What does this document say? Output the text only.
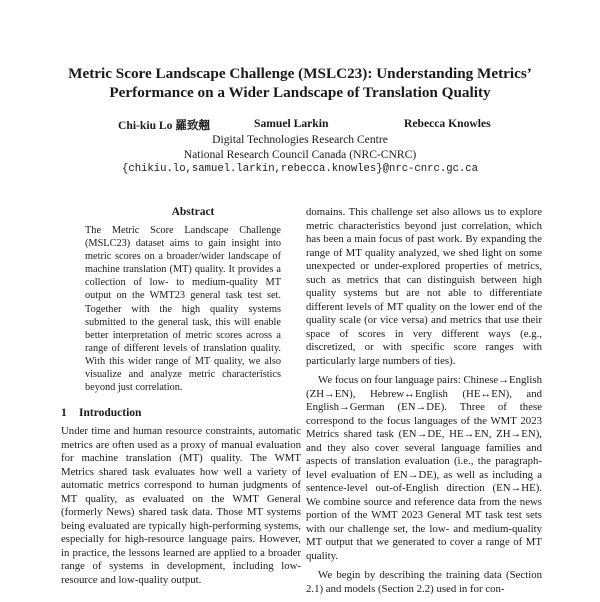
Metric Score Landscape Challenge (MSLC23): Understanding Metrics’
Performance on a Wider Landscape of Translation Quality
Chi-kiu Lo 羅致翹	Samuel Larkin	Rebecca Knowles
Digital Technologies Research Centre
National Research Council Canada (NRC-CNRC)
{chikiu.lo,samuel.larkin,rebecca.knowles}@nrc-cnrc.gc.ca
Abstract
The Metric Score Landscape Challenge (MSLC23) dataset aims to gain insight into metric scores on a broader/wider landscape of machine translation (MT) quality. It provides a collection of low- to medium-quality MT output on the WMT23 general task test set. Together with the high quality systems submitted to the general task, this will enable better interpretation of metric scores across a range of different levels of translation quality. With this wider range of MT quality, we also visualize and analyze metric characteristics beyond just correlation.
1 Introduction
Under time and human resource constraints, automatic metrics are often used as a proxy of manual evaluation for machine translation (MT) quality. The WMT Metrics shared task evaluates how well a variety of automatic metrics correspond to human judgments of MT quality, as evaluated on the WMT General (formerly News) shared task data. Those MT systems being evaluated are typically high-performing systems, especially for high-resource language pairs. However, in practice, the lessons learned are applied to a broader range of systems in development, including low-resource and low-quality output.

domains. This challenge set also allows us to explore metric characteristics beyond just correlation, which has been a main focus of past work. By expanding the range of MT quality analyzed, we shed light on some unexpected or under-explored properties of metrics, such as metrics that can distinguish between high quality systems but are not able to differentiate different levels of MT quality on the lower end of the quality scale (or vice versa) and metrics that use their space of scores in very different ways (e.g., discretized, or with specific score ranges with particularly large numbers of ties).

We focus on four language pairs: Chinese→English (ZH→EN), Hebrew↔English (HE↔EN), and English→German (EN→DE). Three of these correspond to the focus languages of the WMT 2023 Metrics shared task (EN→DE, HE→EN, ZH→EN), and they also cover several language families and aspects of translation evaluation (i.e., the paragraph-level evaluation of EN→DE), as well as including a sentence-level out-of-English direction (EN→HE). We combine source and reference data from the news portion of the WMT 2023 General MT task test sets with our challenge set, the low- and medium-quality MT output that we generated to cover a range of MT quality.

We begin by describing the training data (Section 2.1) and models (Section 2.2) used in for con-
